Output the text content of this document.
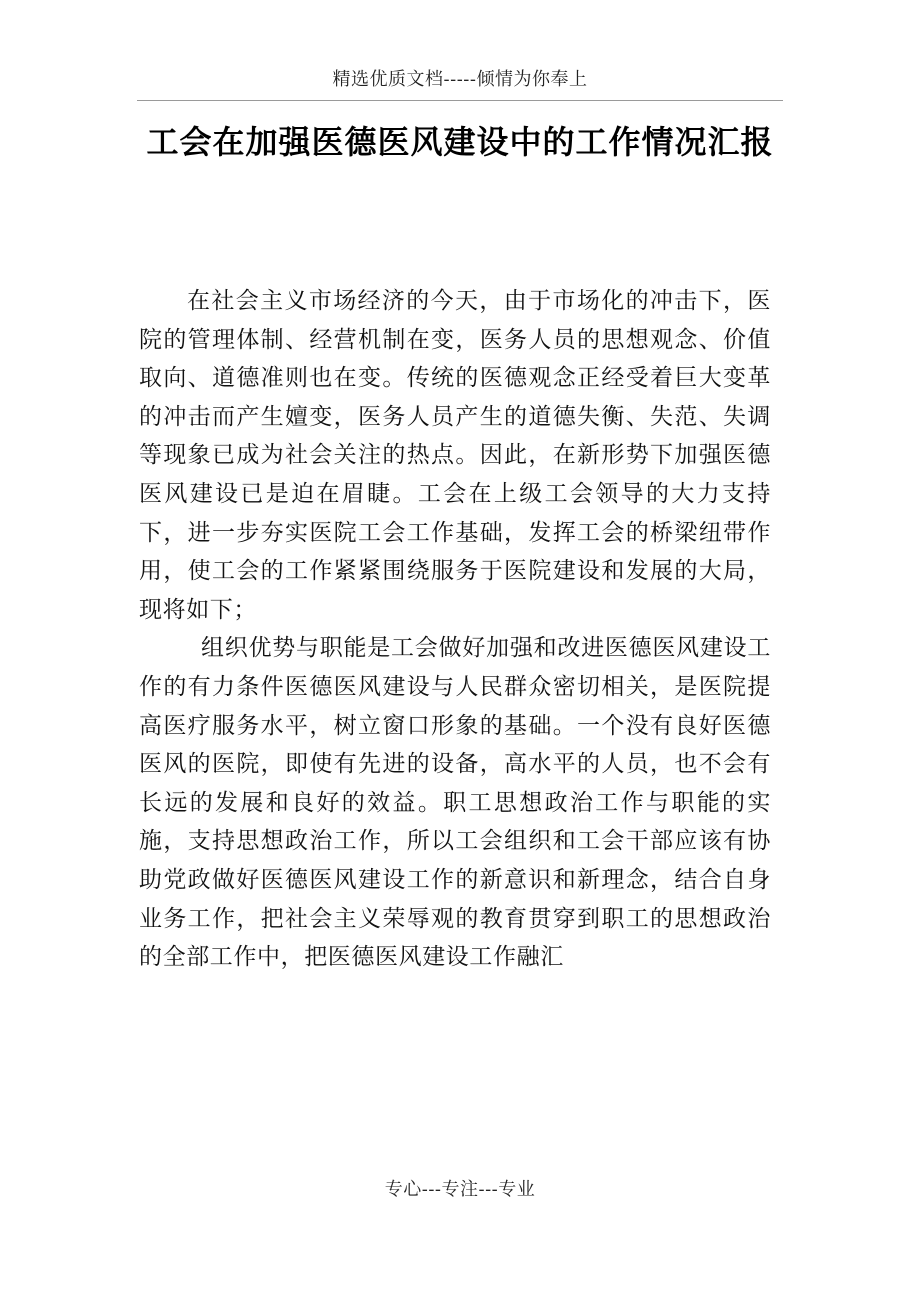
精选优质文档-----倾情为你奉上
工会在加强医德医风建设中的工作情况汇报

在社会主义市场经济的今天，由于市场化的冲击下，医院的管理体制、经营机制在变，医务人员的思想观念、价值取向、道德准则也在变。传统的医德观念正经受着巨大变革的冲击而产生嬗变，医务人员产生的道德失衡、失范、失调等现象已成为社会关注的热点。因此，在新形势下加强医德医风建设已是迫在眉睫。工会在上级工会领导的大力支持下，进一步夯实医院工会工作基础，发挥工会的桥梁纽带作用，使工会的工作紧紧围绕服务于医院建设和发展的大局，现将如下；

组织优势与职能是工会做好加强和改进医德医风建设工作的有力条件医德医风建设与人民群众密切相关，是医院提高医疗服务水平，树立窗口形象的基础。一个没有良好医德医风的医院，即使有先进的设备，高水平的人员，也不会有长远的发展和良好的效益。职工思想政治工作与职能的实施，支持思想政治工作，所以工会组织和工会干部应该有协助党政做好医德医风建设工作的新意识和新理念，结合自身业务工作，把社会主义荣辱观的教育贯穿到职工的思想政治的全部工作中，把医德医风建设工作融汇

专心---专注---专业
